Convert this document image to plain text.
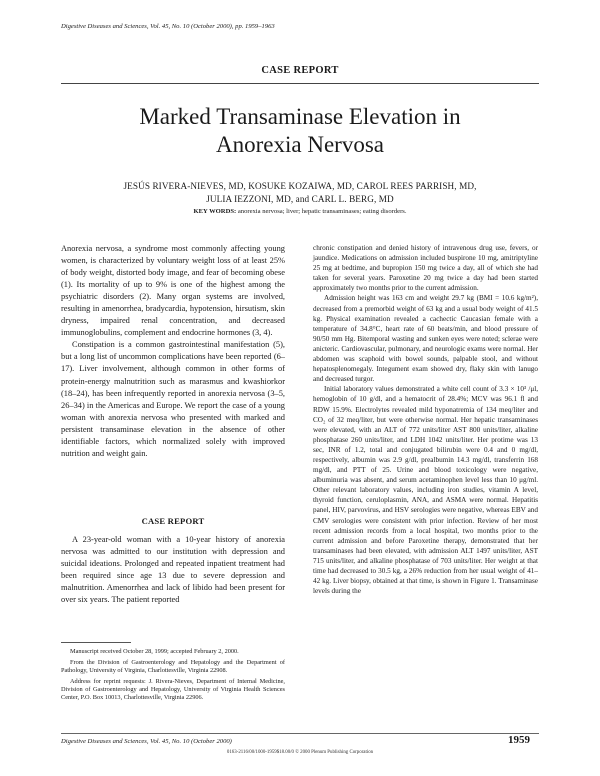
Digestive Diseases and Sciences, Vol. 45, No. 10 (October 2000), pp. 1959–1963
CASE REPORT
Marked Transaminase Elevation in
Anorexia Nervosa
JESÚS RIVERA-NIEVES, MD, KOSUKE KOZAIWA, MD, CAROL REES PARRISH, MD,
JULIA IEZZONI, MD, and CARL L. BERG, MD
KEY WORDS: anorexia nervosa; liver; hepatic transaminases; eating disorders.

Anorexia nervosa, a syndrome most commonly affecting young women, is characterized by voluntary weight loss of at least 25% of body weight, distorted body image, and fear of becoming obese (1). Its mortality of up to 9% is one of the highest among the psychiatric disorders (2). Many organ systems are involved, resulting in amenorrhea, bradycardia, hypotension, hirsutism, skin dryness, impaired renal concentration, and decreased immunoglobulins, complement and endocrine hormones (3, 4).

Constipation is a common gastrointestinal manifestation (5), but a long list of uncommon complications have been reported (6–17). Liver involvement, although common in other forms of protein-energy malnutrition such as marasmus and kwashiorkor (18–24), has been infrequently reported in anorexia nervosa (3–5, 26–34) in the Americas and Europe. We report the case of a young woman with anorexia nervosa who presented with marked and persistent transaminase elevation in the absence of other identifiable factors, which normalized solely with improved nutrition and weight gain.

CASE REPORT

A 23-year-old woman with a 10-year history of anorexia nervosa was admitted to our institution with depression and suicidal ideations. Prolonged and repeated inpatient treatment had been required since age 13 due to severe depression and malnutrition. Amenorrhea and lack of libido had been present for over six years. The patient reported

Manuscript received October 28, 1999; accepted February 2, 2000.

From the Division of Gastroenterology and Hepatology and the Department of Pathology, University of Virginia, Charlottesville, Virginia 22908.

Address for reprint requests: J. Rivera-Nieves, Department of Internal Medicine, Division of Gastroenterology and Hepatology, University of Virginia Health Sciences Center, P.O. Box 10013, Charlottesville, Virginia 22906.

chronic constipation and denied history of intravenous drug use, fevers, or jaundice. Medications on admission included buspirone 10 mg, amitriptyline 25 mg at bedtime, and bupropion 150 mg twice a day, all of which she had taken for several years. Paroxetine 20 mg twice a day had been started approximately two months prior to the current admission.

Admission height was 163 cm and weight 29.7 kg (BMI = 10.6 kg/m²), decreased from a premorbid weight of 63 kg and a usual body weight of 41.5 kg. Physical examination revealed a cachectic Caucasian female with a temperature of 34.8°C, heart rate of 60 beats/min, and blood pressure of 90/50 mm Hg. Bitemporal wasting and sunken eyes were noted; sclerae were anicteric. Cardiovascular, pulmonary, and neurologic exams were normal. Her abdomen was scaphoid with bowel sounds, palpable stool, and without hepatosplenomegaly. Integument exam showed dry, flaky skin with lanugo and decreased turgor.

Initial laboratory values demonstrated a white cell count of 3.3 × 10³ /μl, hemoglobin of 10 g/dl, and a hematocrit of 28.4%; MCV was 96.1 fl and RDW 15.9%. Electrolytes revealed mild hyponatremia of 134 meq/liter and CO₂ of 32 meq/liter, but were otherwise normal. Her hepatic transaminases were elevated, with an ALT of 772 units/liter AST 800 units/liter, alkaline phosphatase 260 units/liter, and LDH 1042 units/liter. Her protime was 13 sec, INR of 1.2, total and conjugated bilirubin were 0.4 and 0 mg/dl, respectively, albumin was 2.9 g/dl, prealbumin 14.3 mg/dl, transferrin 168 mg/dl, and PTT of 25. Urine and blood toxicology were negative, albuminuria was absent, and serum acetaminophen level less than 10 μg/ml. Other relevant laboratory values, including iron studies, vitamin A level, thyroid function, ceruloplasmin, ANA, and ASMA were normal. Hepatitis panel, HIV, parvovirus, and HSV serologies were negative, whereas EBV and CMV serologies were consistent with prior infection. Review of her most recent admission records from a local hospital, two months prior to the current admission and before Paroxetine therapy, demonstrated that her transaminases had been elevated, with admission ALT 1497 units/liter, AST 715 units/liter, and alkaline phosphatase of 703 units/liter. Her weight at that time had decreased to 30.5 kg, a 26% reduction from her usual weight of 41–42 kg. Liver biopsy, obtained at that time, is shown in Figure 1. Transaminase levels during the

Digestive Diseases and Sciences, Vol. 45, No. 10 (October 2000)	1959
0163-2116/00/1000-1959$18.00/0 © 2000 Plenum Publishing Corporation
